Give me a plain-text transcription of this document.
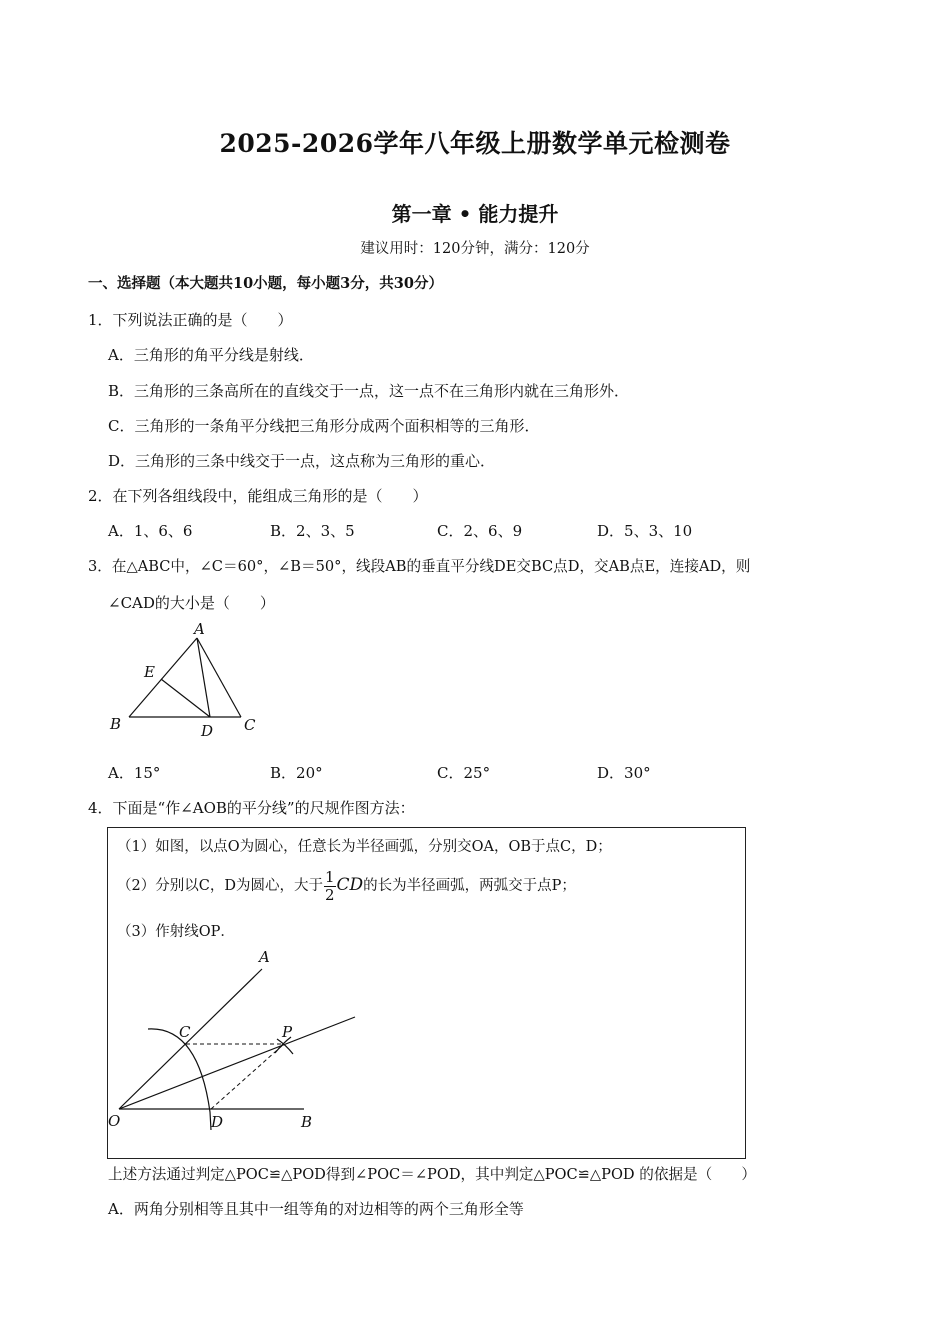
2025-2026学年八年级上册数学单元检测卷
第一章 • 能力提升
建议用时：120分钟，满分：120分
一、选择题（本大题共10小题，每小题3分，共30分）
1．下列说法正确的是（　　）
A．三角形的角平分线是射线．
B．三角形的三条高所在的直线交于一点，这一点不在三角形内就在三角形外．
C．三角形的一条角平分线把三角形分成两个面积相等的三角形．
D．三角形的三条中线交于一点，这点称为三角形的重心．
2．在下列各组线段中，能组成三角形的是（　　）
A．1、6、6	B．2、3、5	C．2、6、9	D．5、3、10
3．在△ABC中，∠C＝60°，∠B＝50°，线段AB的垂直平分线DE交BC点D，交AB点E，连接AD，则
∠CAD的大小是（　　）
A
E
B	D C
A．15°	B．20°	C．25°	D．30°
4．下面是“作∠AOB的平分线”的尺规作图方法：
（1）如图，以点O为圆心，任意长为半径画弧，分别交OA，OB于点C，D；
（2）分别以C，D为圆心，大于 $\frac{1}{2}$ CD的长为半径画弧，两弧交于点P；
（3）作射线OP．
A
C	P
O	D	B
上述方法通过判定△POC≌△POD得到∠POC＝∠POD，其中判定△POC≌△POD 的依据是（　　）
A．两角分别相等且其中一组等角的对边相等的两个三角形全等
